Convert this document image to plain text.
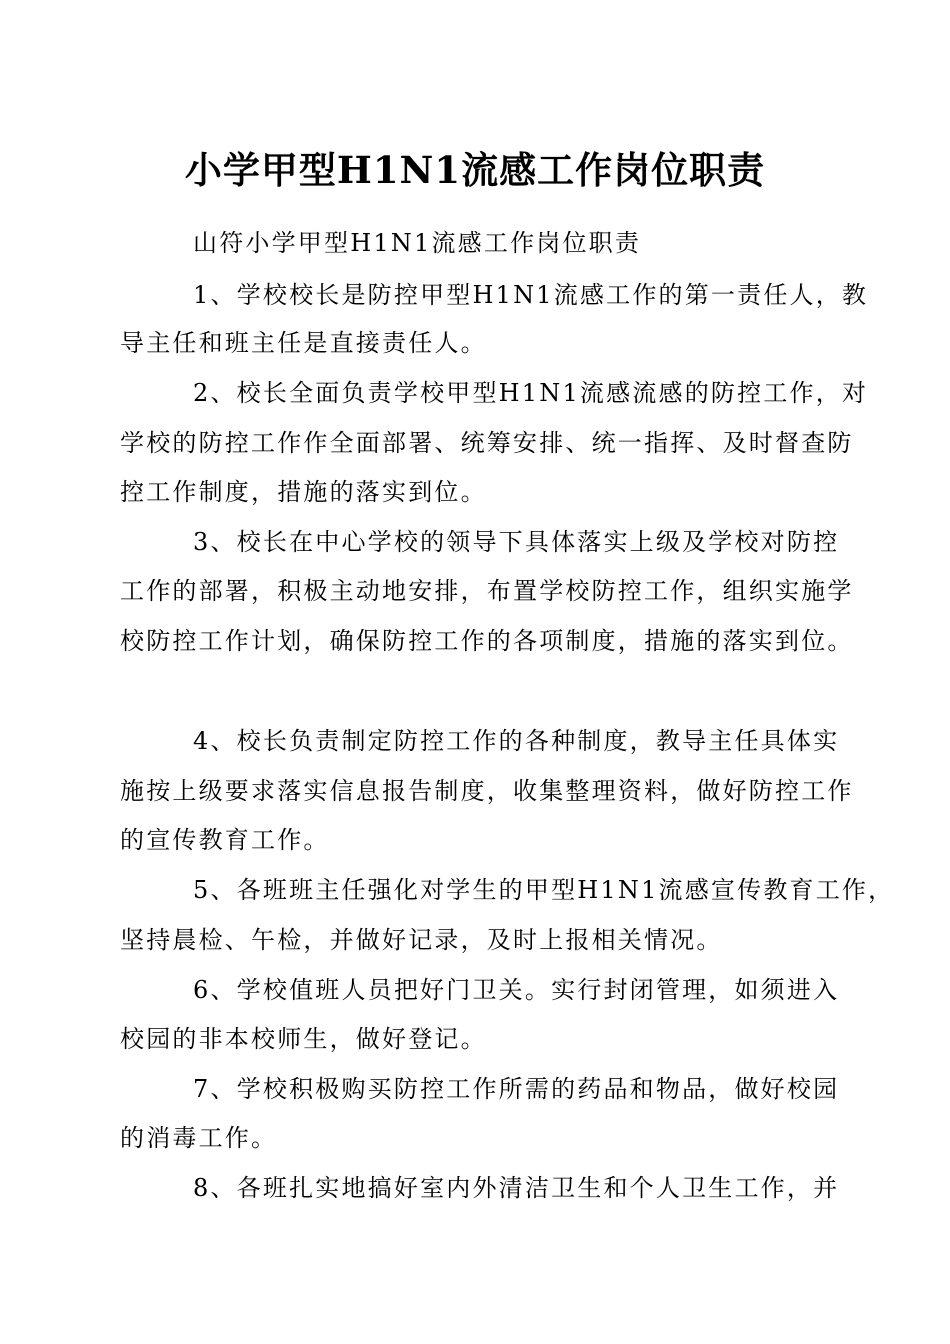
小学甲型H1N1流感工作岗位职责
山符小学甲型H1N1流感工作岗位职责
1、学校校长是防控甲型H1N1流感工作的第一责任人，教
导主任和班主任是直接责任人。
2、校长全面负责学校甲型H1N1流感流感的防控工作，对
学校的防控工作作全面部署、统筹安排、统一指挥、及时督查防
控工作制度，措施的落实到位。
3、校长在中心学校的领导下具体落实上级及学校对防控
工作的部署，积极主动地安排，布置学校防控工作，组织实施学
校防控工作计划，确保防控工作的各项制度，措施的落实到位。
4、校长负责制定防控工作的各种制度，教导主任具体实
施按上级要求落实信息报告制度，收集整理资料，做好防控工作
的宣传教育工作。
5、各班班主任强化对学生的甲型H1N1流感宣传教育工作，
坚持晨检、午检，并做好记录，及时上报相关情况。
6、学校值班人员把好门卫关。实行封闭管理，如须进入
校园的非本校师生，做好登记。
7、学校积极购买防控工作所需的药品和物品，做好校园
的消毒工作。
8、各班扎实地搞好室内外清洁卫生和个人卫生工作，并
